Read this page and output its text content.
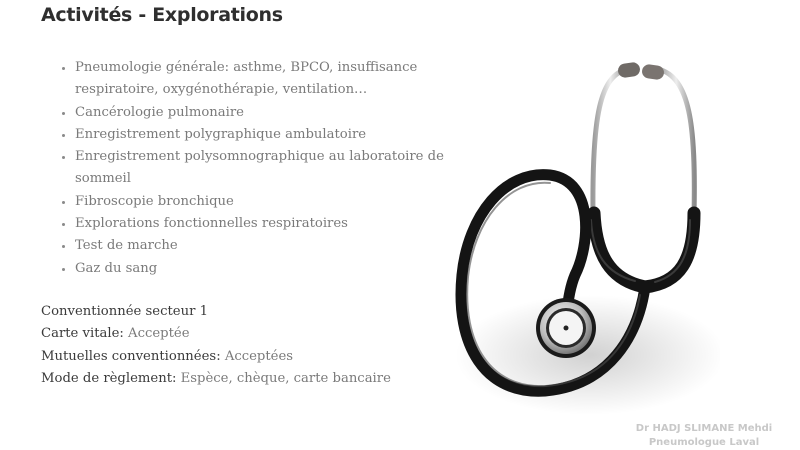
Activités - Explorations
• Pneumologie générale: asthme, BPCO, insuffisance respiratoire, oxygénothérapie, ventilation…
• Cancérologie pulmonaire
• Enregistrement polygraphique ambulatoire
• Enregistrement polysomnographique au laboratoire de sommeil
• Fibroscopie bronchique
• Explorations fonctionnelles respiratoires
• Test de marche
• Gaz du sang
Conventionnée secteur 1
Carte vitale: Acceptée
Mutuelles conventionnées: Acceptées
Mode de règlement: Espèce, chèque, carte bancaire
Dr HADJ SLIMANE Mehdi
Pneumologue Laval
